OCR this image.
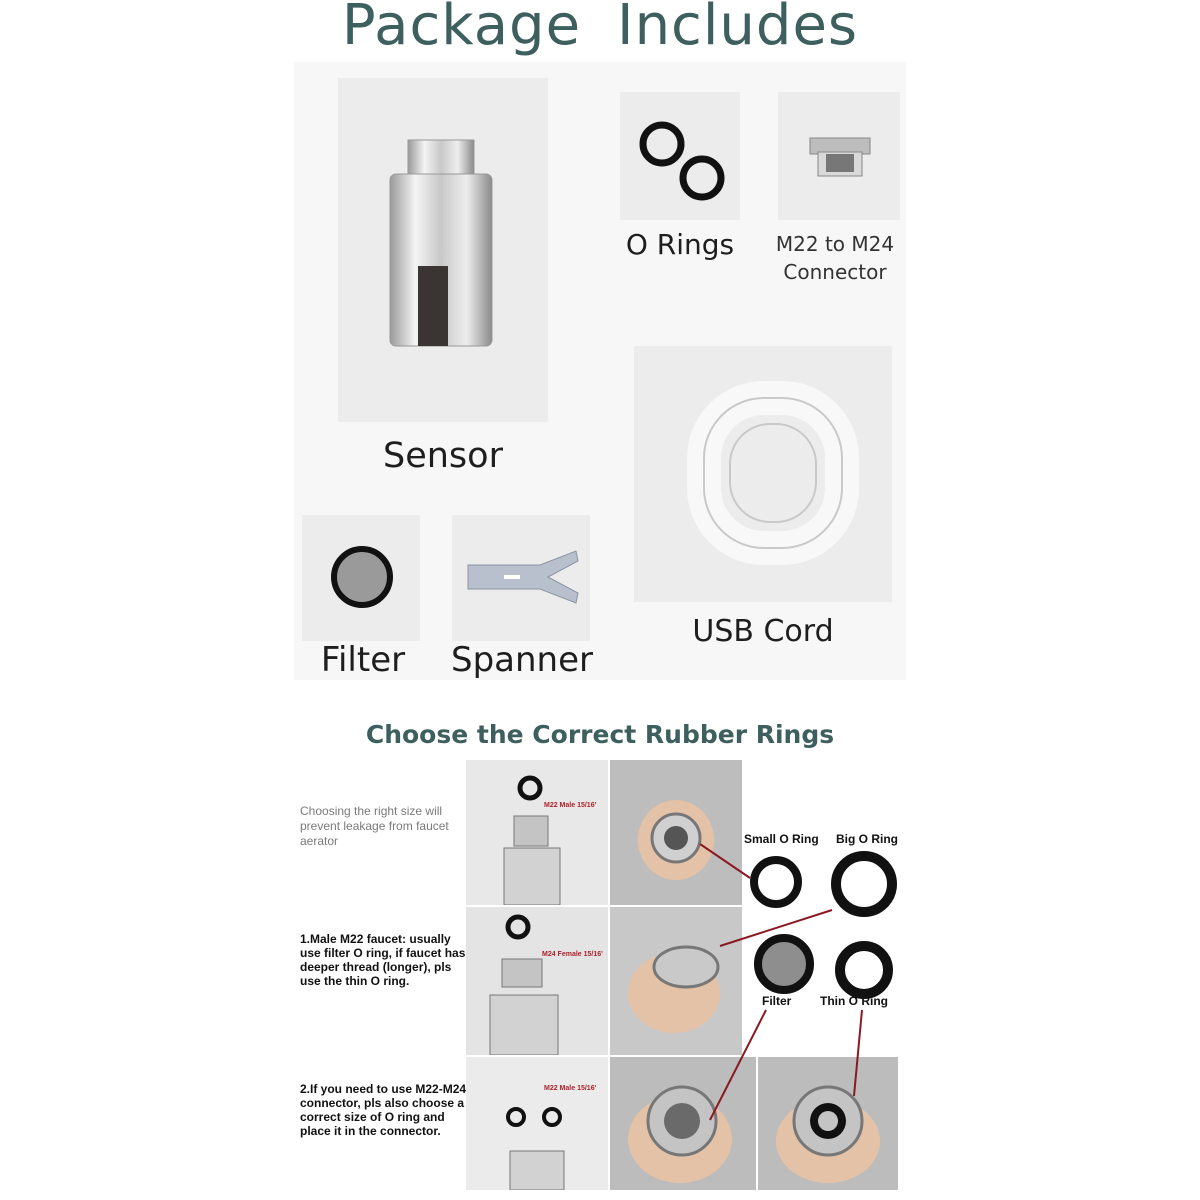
Package Includes
Sensor
O Rings	M22 to M24
Connector
USB Cord
Filter	Spanner
Choose the Correct Rubber Rings
Choosing the right size will prevent leakage from faucet aerator
1.Male M22 faucet: usually use filter O ring, if faucet has deeper thread (longer), pls use the thin O ring.
2.If you need to use M22-M24 connector, pls also choose a correct size of O ring and place it in the connector.
M22 Male 15/16'
M24 Female 15/16'
M22 Male 15/16'
Small O Ring Big O Ring
Filter Thin O Ring
